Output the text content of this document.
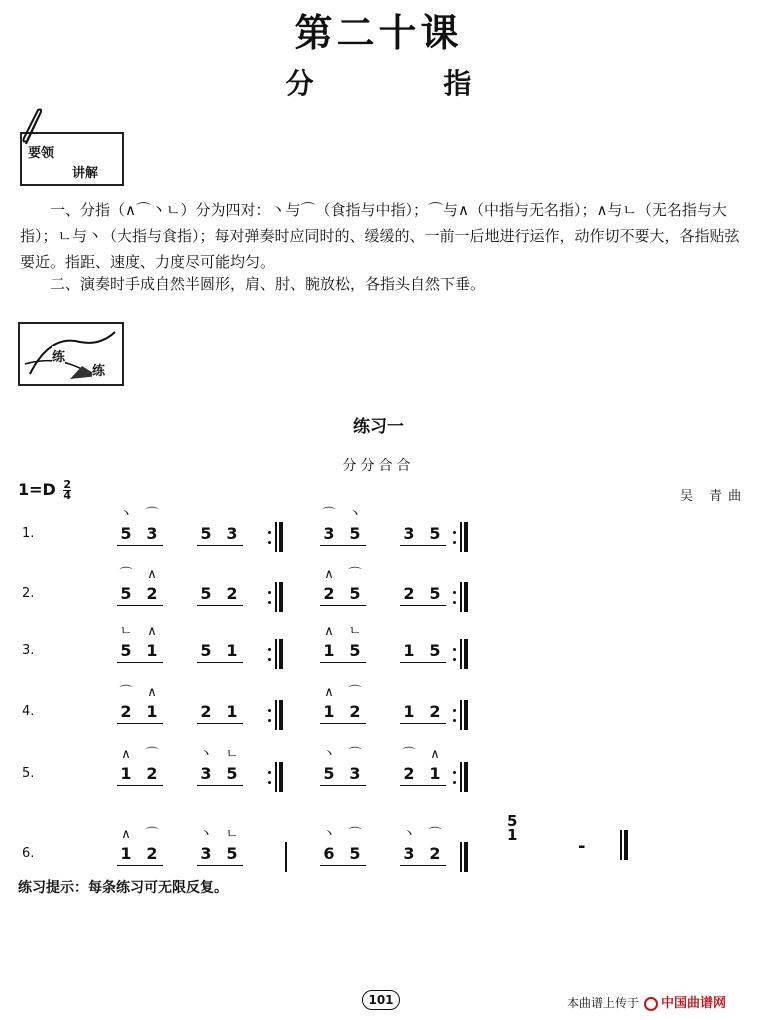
第二十课
分 指
要领
讲解
一、分指（∧⌒丶ㄴ）分为四对：丶与⌒（食指与中指）；⌒与∧（中指与无名指）；∧与ㄴ（无名指与大指）；ㄴ与丶（大指与食指）；每对弹奏时应同时的、缓缓的、一前一后地进行运作，动作切不要大，各指贴弦要近。指距、速度、力度尽可能均匀。
二、演奏时手成自然半圆形，肩、肘、腕放松，各指头自然下垂。
练
练
练习一
分分合合
$1=D \frac{2}{4}$	吴 青曲
1.
丶 ⌒
5 3	5 3
⌒ 丶
3 5	3 5
2.
⌒ ∧
5 2	5 2
∧ ⌒
2 5	2 5
3.
ㄴ ∧
5 1	5 1
∧ ㄴ
1 5	1 5
4.
⌒ ∧
2 1	2 1
∧ ⌒
1 2	1 2
5.
∧ ⌒
1 2
丶 ㄴ
3 5
丶 ⌒
5 3
⌒ ∧
2 1
6.
∧ ⌒
1 2
丶 ㄴ
3 5
丶 ⌒
6 5
丶 ⌒
3 2
5
1
-
练习提示：每条练习可无限反复。
101	本曲谱上传于	中国曲谱网
